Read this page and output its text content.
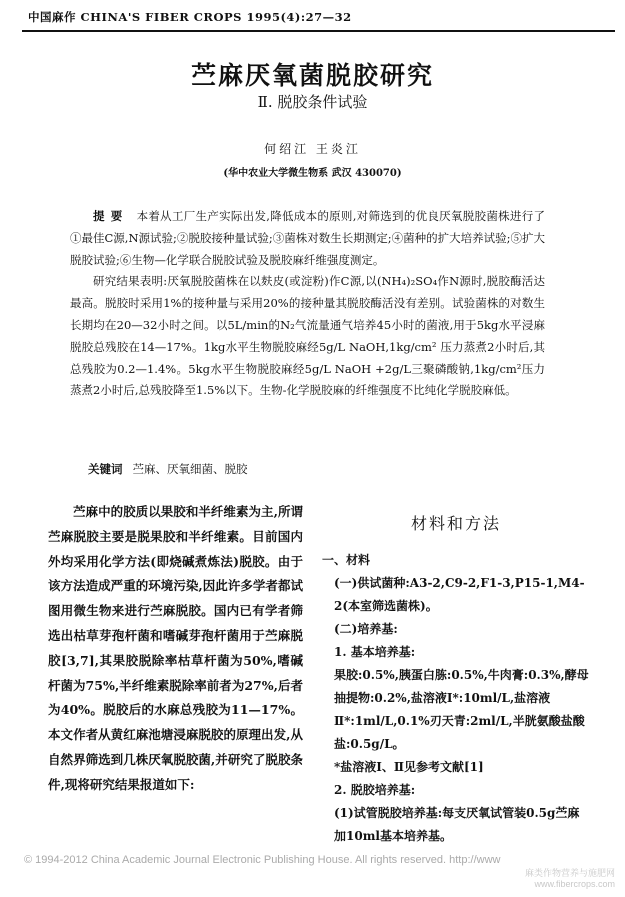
中国麻作 CHINA'S FIBER CROPS 1995(4):27—32
苎麻厌氧菌脱胶研究
Ⅱ. 脱胶条件试验
何绍江 王炎江
(华中农业大学微生物系 武汉 430070)

提要 本着从工厂生产实际出发,降低成本的原则,对筛选到的优良厌氧脱胶菌株进行了①最佳C源,N源试验;②脱胶接种量试验;③菌株对数生长期测定;④菌种的扩大培养试验;⑤扩大脱胶试验;⑥生物—化学联合脱胶试验及脱胶麻纤维强度测定。

研究结果表明:厌氧脱胶菌株在以麸皮(或淀粉)作C源,以(NH₄)₂SO₄作N源时,脱胶酶活达最高。脱胶时采用1%的接种量与采用20%的接种量其脱胶酶活没有差别。试验菌株的对数生长期均在20—32小时之间。以5L/min的N₂气流量通气培养45小时的菌液,用于5kg水平浸麻脱胶总残胶在14—17%。1kg水平生物脱胶麻经5g/L NaOH,1kg/cm² 压力蒸煮2小时后,其总残胶为0.2—1.4%。5kg水平生物脱胶麻经5g/L NaOH +2g/L三聚磷酸钠,1kg/cm²压力蒸煮2小时后,总残胶降至1.5%以下。生物-化学脱胶麻的纤维强度不比纯化学脱胶麻低。

关键词 苎麻、厌氧细菌、脱胶

苎麻中的胶质以果胶和半纤维素为主,所谓苎麻脱胶主要是脱果胶和半纤维素。目前国内外均采用化学方法(即烧碱煮炼法)脱胶。由于该方法造成严重的环境污染,因此许多学者都试图用微生物来进行苎麻脱胶。国内已有学者筛选出枯草芽孢杆菌和嗜碱芽孢杆菌用于苎麻脱胶[3,7],其果胶脱除率枯草杆菌为50%,嗜碱杆菌为75%,半纤维素脱除率前者为27%,后者为40%。脱胶后的水麻总残胶为11—17%。本文作者从黄红麻池塘浸麻脱胶的原理出发,从自然界筛选到几株厌氧脱胶菌,并研究了脱胶条件,现将研究结果报道如下:

材料和方法

一、材料

(一)供试菌种:A3-2,C9-2,F1-3,P15-1,M4-2(本室筛选菌株)。

(二)培养基:

1. 基本培养基:

果胶:0.5%,胰蛋白胨:0.5%,牛肉膏:0.3%,酵母抽提物:0.2%,盐溶液Ⅰ*:10ml/L,盐溶液Ⅱ*:1ml/L,0.1%刃天青:2ml/L,半胱氨酸盐酸盐:0.5g/L。

*盐溶液Ⅰ、Ⅱ见参考文献[1]

2. 脱胶培养基:

(1)试管脱胶培养基:每支厌氧试管装0.5g苎麻加10ml基本培养基。

© 1994-2012 China Academic Journal Electronic Publishing House. All rights reserved. http://www
麻类作物营养与施肥网
www.fibercrops.com
